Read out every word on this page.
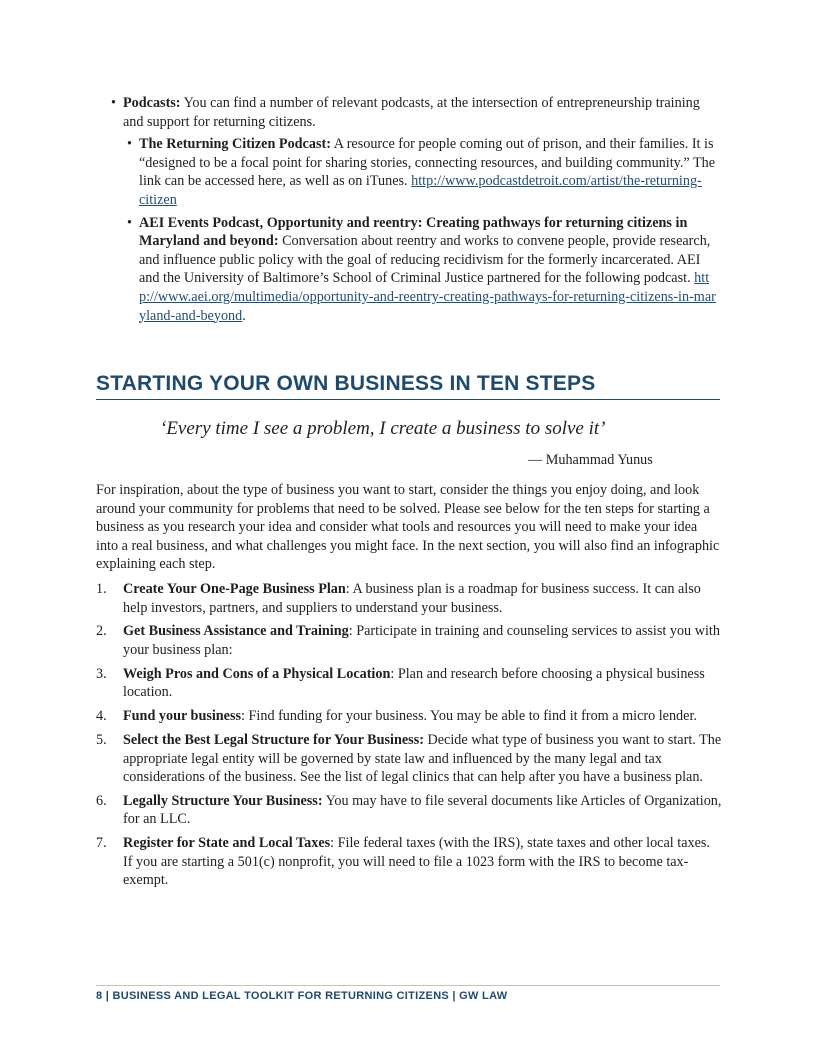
• Podcasts: You can find a number of relevant podcasts, at the intersection of entrepreneurship training and support for returning citizens.
• The Returning Citizen Podcast: A resource for people coming out of prison, and their families. It is “designed to be a focal point for sharing stories, connecting resources, and building community.” The link can be accessed here, as well as on iTunes. http://www.podcastdetroit.com/artist/the-returning-citizen
• AEI Events Podcast, Opportunity and reentry: Creating pathways for returning citizens in Maryland and beyond: Conversation about reentry and works to convene people, provide research, and influence public policy with the goal of reducing recidivism for the formerly incarcerated. AEI and the University of Baltimore’s School of Criminal Justice partnered for the following podcast. http://www.aei.org/multimedia/opportunity-and-reentry-creating-pathways-for-returning-citizens-in-maryland-and-beyond.
STARTING YOUR OWN BUSINESS IN TEN STEPS
‘Every time I see a problem, I create a business to solve it’
— Muhammad Yunus
For inspiration, about the type of business you want to start, consider the things you enjoy doing, and look around your community for problems that need to be solved. Please see below for the ten steps for starting a business as you research your idea and consider what tools and resources you will need to make your idea into a real business, and what challenges you might face. In the next section, you will also find an infographic explaining each step.
1. Create Your One-Page Business Plan: A business plan is a roadmap for business success. It can also help investors, partners, and suppliers to understand your business.
2. Get Business Assistance and Training: Participate in training and counseling services to assist you with your business plan:
3. Weigh Pros and Cons of a Physical Location: Plan and research before choosing a physical business location.
4. Fund your business: Find funding for your business. You may be able to find it from a micro lender.
5. Select the Best Legal Structure for Your Business: Decide what type of business you want to start. The appropriate legal entity will be governed by state law and influenced by the many legal and tax considerations of the business. See the list of legal clinics that can help after you have a business plan.
6. Legally Structure Your Business: You may have to file several documents like Articles of Organization, for an LLC.
7. Register for State and Local Taxes: File federal taxes (with the IRS), state taxes and other local taxes. If you are starting a 501(c) nonprofit, you will need to file a 1023 form with the IRS to become tax-exempt.
8 | BUSINESS AND LEGAL TOOLKIT FOR RETURNING CITIZENS | GW LAW
